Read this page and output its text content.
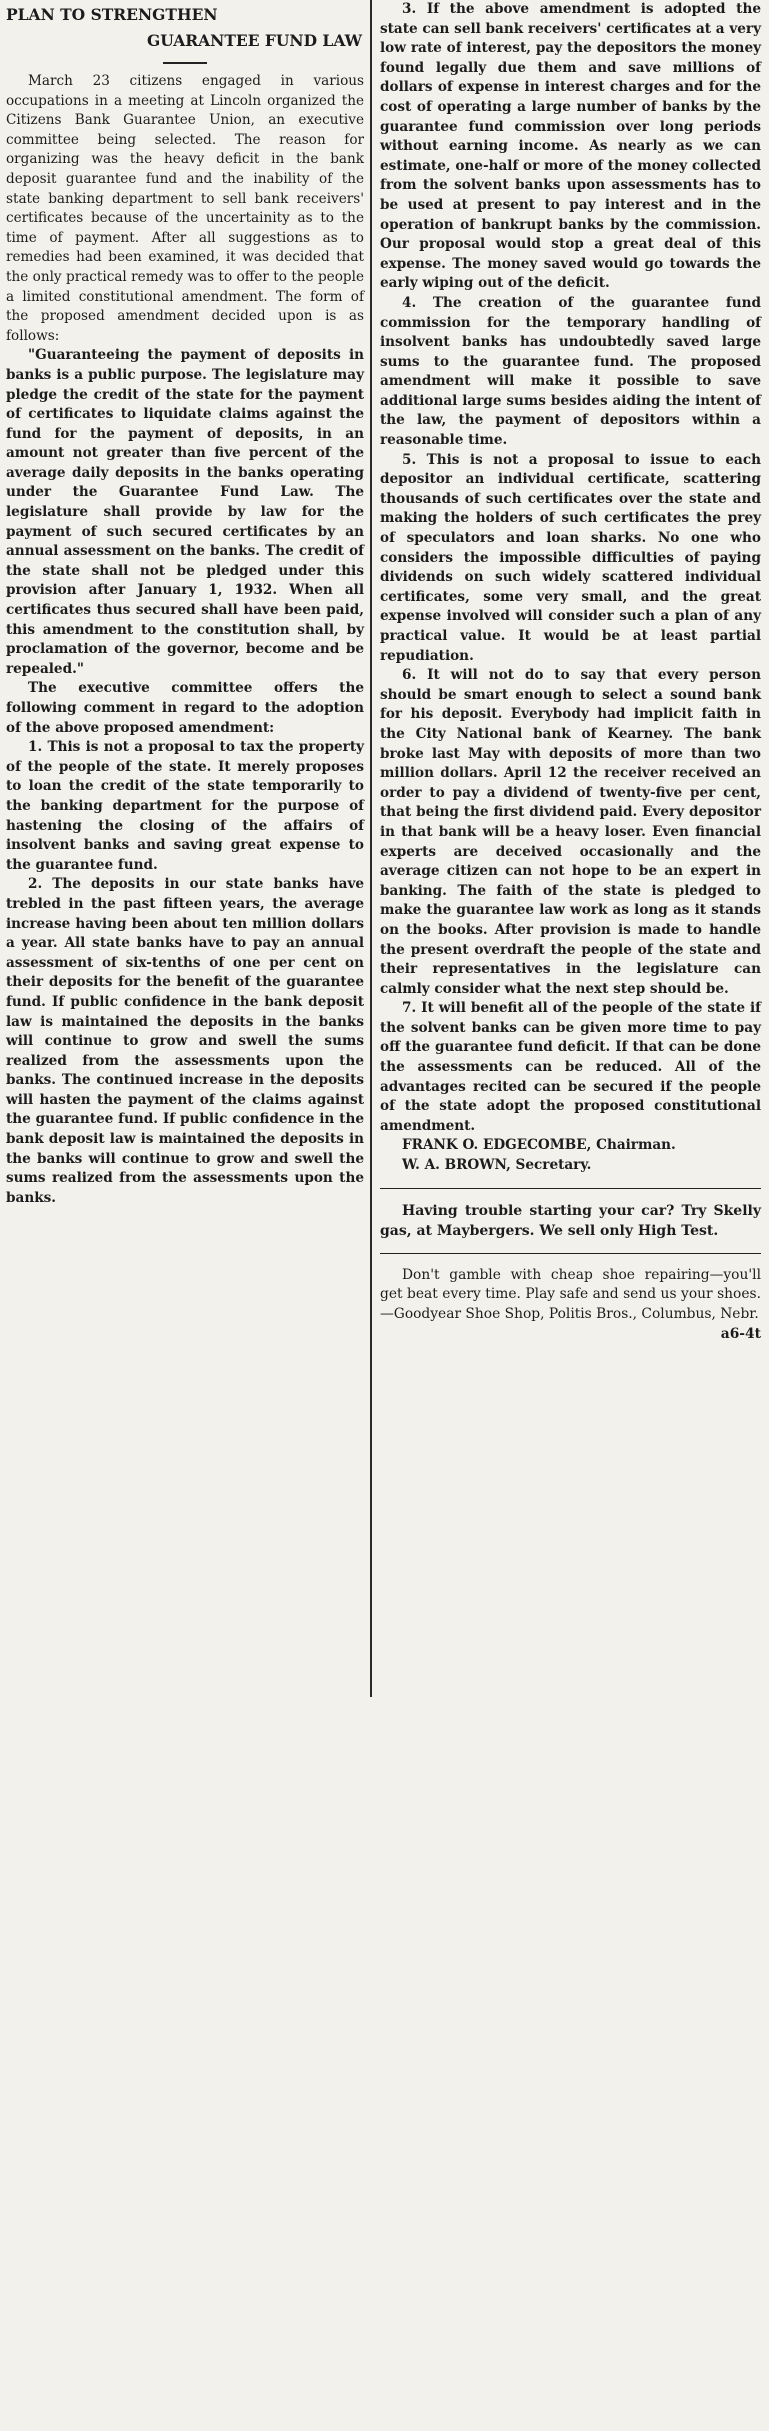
PLAN TO STRENGTHEN
GUARANTEE FUND LAW

March 23 citizens engaged in various occupations in a meeting at Lincoln organized the Citizens Bank Guarantee Union, an executive committee being selected. The reason for organizing was the heavy deficit in the bank deposit guarantee fund and the inability of the state banking department to sell bank receivers' certificates because of the uncertainity as to the time of payment. After all suggestions as to remedies had been examined, it was decided that the only practical remedy was to offer to the people a limited constitutional amendment. The form of the proposed amendment decided upon is as follows:

"Guaranteeing the payment of deposits in banks is a public purpose. The legislature may pledge the credit of the state for the payment of certificates to liquidate claims against the fund for the payment of deposits, in an amount not greater than five percent of the average daily deposits in the banks operating under the Guarantee Fund Law. The legislature shall provide by law for the payment of such secured certificates by an annual assessment on the banks. The credit of the state shall not be pledged under this provision after January 1, 1932. When all certificates thus secured shall have been paid, this amendment to the constitution shall, by proclamation of the governor, become and be repealed."

The executive committee offers the following comment in regard to the adoption of the above proposed amendment:

1. This is not a proposal to tax the property of the people of the state. It merely proposes to loan the credit of the state temporarily to the banking department for the purpose of hastening the closing of the affairs of insolvent banks and saving great expense to the guarantee fund.

2. The deposits in our state banks have trebled in the past fifteen years, the average increase having been about ten million dollars a year. All state banks have to pay an annual assessment of six-tenths of one per cent on their deposits for the benefit of the guarantee fund. If public confidence in the bank deposit law is maintained the deposits in the banks will continue to grow and swell the sums realized from the assessments upon the banks. The continued increase in the deposits will hasten the payment of the claims against the guarantee fund. If public confidence in the bank deposit law is maintained the deposits in the banks will continue to grow and swell the sums realized from the assessments upon the banks.

3. If the above amendment is adopted the state can sell bank receivers' certificates at a very low rate of interest, pay the depositors the money found legally due them and save millions of dollars of expense in interest charges and for the cost of operating a large number of banks by the guarantee fund commission over long periods without earning income. As nearly as we can estimate, one-half or more of the money collected from the solvent banks upon assessments has to be used at present to pay interest and in the operation of bankrupt banks by the commission. Our proposal would stop a great deal of this expense. The money saved would go towards the early wiping out of the deficit.

4. The creation of the guarantee fund commission for the temporary handling of insolvent banks has undoubtedly saved large sums to the guarantee fund. The proposed amendment will make it possible to save additional large sums besides aiding the intent of the law, the payment of depositors within a reasonable time.

5. This is not a proposal to issue to each depositor an individual certificate, scattering thousands of such certificates over the state and making the holders of such certificates the prey of speculators and loan sharks. No one who considers the impossible difficulties of paying dividends on such widely scattered individual certificates, some very small, and the great expense involved will consider such a plan of any practical value. It would be at least partial repudiation.

6. It will not do to say that every person should be smart enough to select a sound bank for his deposit. Everybody had implicit faith in the City National bank of Kearney. The bank broke last May with deposits of more than two million dollars. April 12 the receiver received an order to pay a dividend of twenty-five per cent, that being the first dividend paid. Every depositor in that bank will be a heavy loser. Even financial experts are deceived occasionally and the average citizen can not hope to be an expert in banking. The faith of the state is pledged to make the guarantee law work as long as it stands on the books. After provision is made to handle the present overdraft the people of the state and their representatives in the legislature can calmly consider what the next step should be.

7. It will benefit all of the people of the state if the solvent banks can be given more time to pay off the guarantee fund deficit. If that can be done the assessments can be reduced. All of the advantages recited can be secured if the people of the state adopt the proposed constitutional amendment.

FRANK O. EDGECOMBE, Chairman.
W. A. BROWN, Secretary.

Having trouble starting your car? Try Skelly gas, at Maybergers. We sell only High Test.

Don't gamble with cheap shoe repairing—you'll get beat every time. Play safe and send us your shoes.—Goodyear Shoe Shop, Politis Bros., Columbus, Nebr.
a6-4t
